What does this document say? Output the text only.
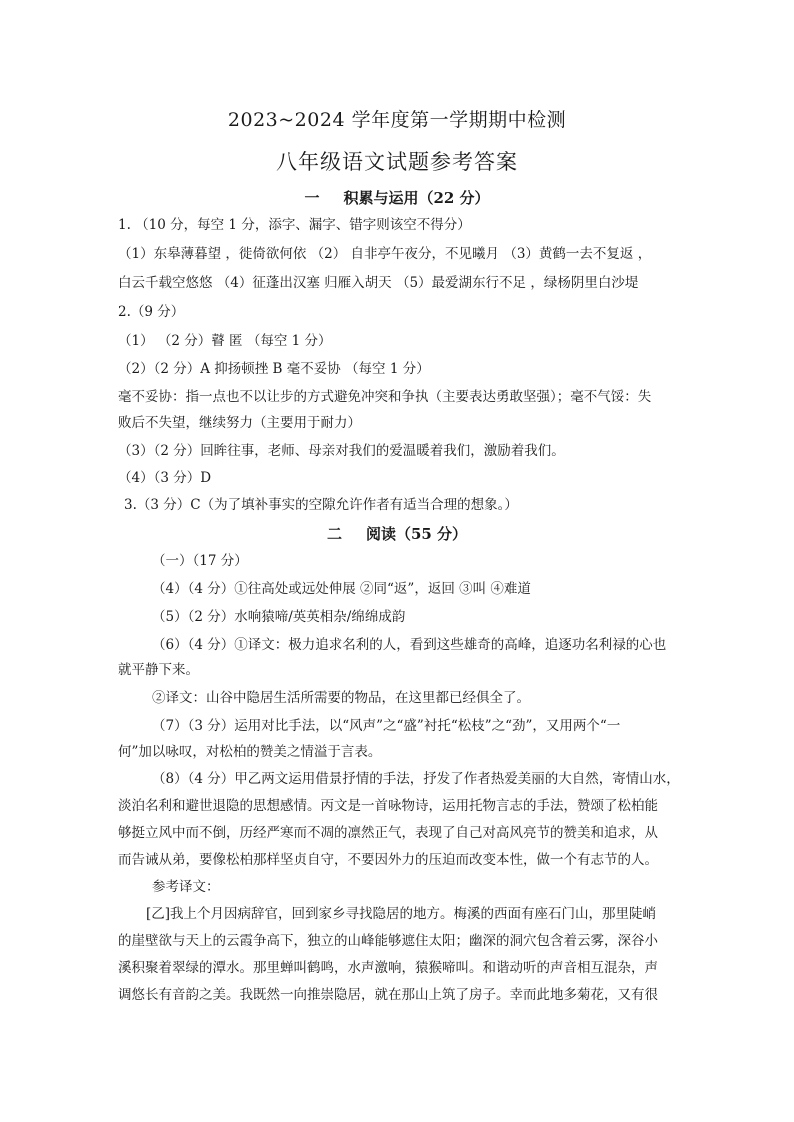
2023~2024 学年度第一学期期中检测
八年级语文试题参考答案
一 积累与运用（22 分）
1. （10 分，每空 1 分，添字、漏字、错字则该空不得分）
（1）东皋薄暮望 ，徙倚欲何依 （2） 自非亭午夜分，不见曦月 （3）黄鹤一去不复返 ，
白云千载空悠悠 （4）征蓬出汉塞 归雁入胡天 （5）最爱湖东行不足 ，绿杨阴里白沙堤
2.（9 分）
（1） （2 分）瞽 匿 （每空 1 分）
（2）（2 分）A 抑扬顿挫 B 毫不妥协 （每空 1 分）
毫不妥协：指一点也不以让步的方式避免冲突和争执（主要表达勇敢坚强）；毫不气馁：失
败后不失望，继续努力（主要用于耐力）
（3）（2 分）回眸往事，老师、母亲对我们的爱温暖着我们，激励着我们。
（4）（3 分）D
3.（3 分）C（为了填补事实的空隙允许作者有适当合理的想象。）
二 阅读（55 分）
（一）（17 分）
（4）（4 分）①往高处或远处伸展 ②同“返”，返回 ③叫 ④难道
（5）（2 分）水响猿啼/英英相杂/绵绵成韵
（6）（4 分）①译文：极力追求名利的人，看到这些雄奇的高峰，追逐功名利禄的心也
就平静下来。
②译文：山谷中隐居生活所需要的物品，在这里都已经俱全了。
（7）（3 分）运用对比手法，以“风声”之“盛”衬托“松枝”之“劲”，又用两个“一
何”加以咏叹，对松柏的赞美之情溢于言表。
（8）（4 分）甲乙两文运用借景抒情的手法，抒发了作者热爱美丽的大自然，寄情山水，
淡泊名利和避世退隐的思想感情。丙文是一首咏物诗，运用托物言志的手法，赞颂了松柏能
够挺立风中而不倒，历经严寒而不凋的凛然正气，表现了自己对高风亮节的赞美和追求，从
而告诫从弟，要像松柏那样坚贞自守，不要因外力的压迫而改变本性，做一个有志节的人。
参考译文：
[乙]我上个月因病辞官，回到家乡寻找隐居的地方。梅溪的西面有座石门山，那里陡峭
的崖壁欲与天上的云霞争高下，独立的山峰能够遮住太阳；幽深的洞穴包含着云雾，深谷小
溪积聚着翠绿的潭水。那里蝉叫鹤鸣，水声激响，猿猴啼叫。和谐动听的声音相互混杂，声
调悠长有音韵之美。我既然一向推崇隐居，就在那山上筑了房子。幸而此地多菊花，又有很
